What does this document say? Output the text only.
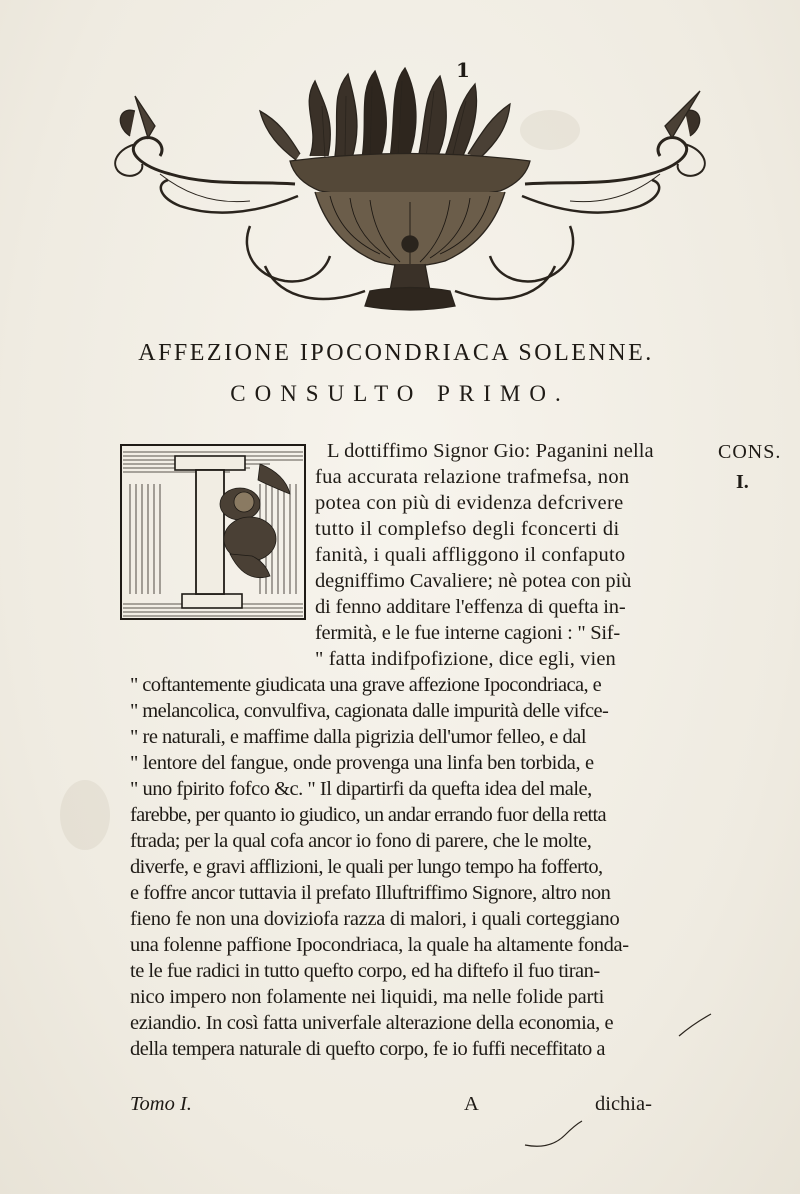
1
AFFEZIONE IPOCONDRIACA SOLENNE.
CONSULTO PRIMO.
CONS.
I.
L dottiffimo Signor Gio: Paganini nella
fua accurata relazione trafmefsa, non
potea con più di evidenza defcrivere
tutto il complefso degli fconcerti di
fanità, i quali affliggono il confaputo
degniffimo Cavaliere; nè potea con più
di fenno additare l'effenza di quefta in-
fermità, e le fue interne cagioni : " Sif-
" fatta indifpofizione, dice egli, vien
" coftantemente giudicata una grave affezione Ipocondriaca, e
" melancolica, convulfiva, cagionata dalle impurità delle vifce-
" re naturali, e maffime dalla pigrizia dell'umor felleo, e dal
" lentore del fangue, onde provenga una linfa ben torbida, e
" uno fpirito fofco &c. " Il dipartirfi da quefta idea del male,
farebbe, per quanto io giudico, un andar errando fuor della retta
ftrada; per la qual cofa ancor io fono di parere, che le molte,
diverfe, e gravi afflizioni, le quali per lungo tempo ha fofferto,
e foffre ancor tuttavia il prefato Illuftriffimo Signore, altro non
fieno fe non una doviziofa razza di malori, i quali corteggiano
una folenne paffione Ipocondriaca, la quale ha altamente fonda-
te le fue radici in tutto quefto corpo, ed ha diftefo il fuo tiran-
nico impero non folamente nei liquidi, ma nelle folide parti
eziandio. In così fatta univerfale alterazione della economia, e
della tempera naturale di quefto corpo, fe io fuffi neceffitato a
Tomo I.	A	dichia-
